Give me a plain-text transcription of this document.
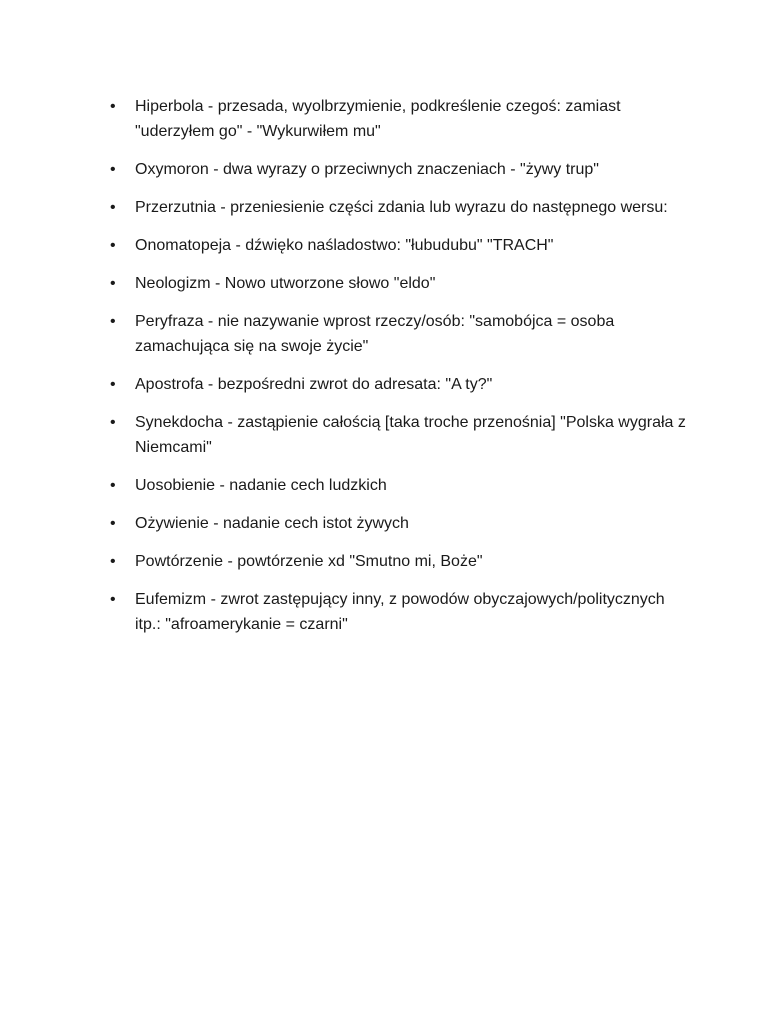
• Hiperbola - przesada, wyolbrzymienie, podkreślenie czegoś: zamiast "uderzyłem go" - "Wykurwiłem mu"
• Oxymoron - dwa wyrazy o przeciwnych znaczeniach - "żywy trup"
• Przerzutnia - przeniesienie części zdania lub wyrazu do następnego wersu:
• Onomatopeja - dźwięko naśladostwo: "łubudubu" "TRACH"
• Neologizm - Nowo utworzone słowo "eldo"
• Peryfraza - nie nazywanie wprost rzeczy/osób: "samobójca = osoba zamachująca się na swoje życie"
• Apostrofa - bezpośredni zwrot do adresata: "A ty?"
• Synekdocha - zastąpienie całością [taka troche przenośnia] "Polska wygrała z Niemcami"
• Uosobienie - nadanie cech ludzkich
• Ożywienie - nadanie cech istot żywych
• Powtórzenie - powtórzenie xd "Smutno mi, Boże"
• Eufemizm - zwrot zastępujący inny, z powodów obyczajowych/politycznych itp.: "afroamerykanie = czarni"
